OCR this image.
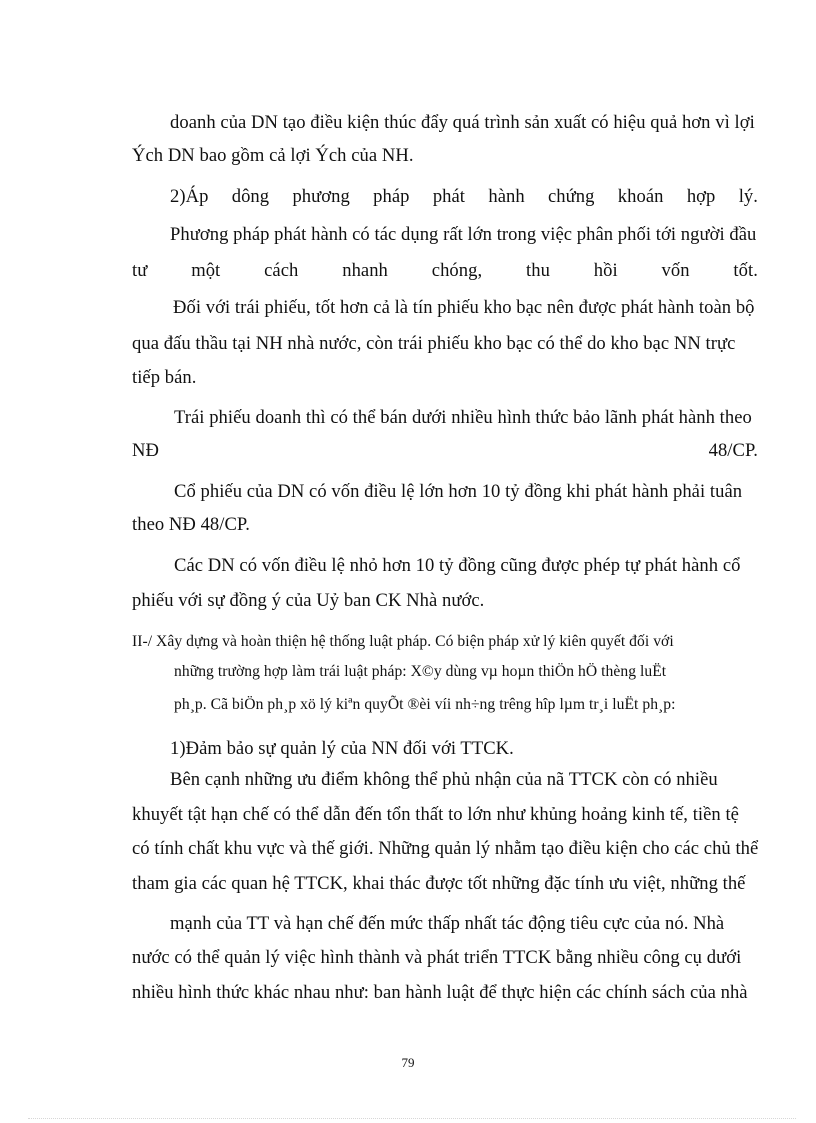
doanh của DN tạo điều kiện thúc đẩy quá trình sản xuất có hiệu quả hơn vì lợi
Ých DN bao gồm cả lợi Ých của NH.
2)Áp dông phương pháp phát hành chứng khoán hợp lý.
Phương pháp phát hành có tác dụng rất lớn trong việc phân phối tới người đầu
tư một cách nhanh chóng, thu hồi vốn tốt.
Đối với trái phiếu, tốt hơn cả là tín phiếu kho bạc nên được phát hành toàn bộ
qua đấu thầu tại NH nhà nước, còn trái phiếu kho bạc có thể do kho bạc NN trực
tiếp bán.
Trái phiếu doanh thì có thể bán dưới nhiều hình thức bảo lãnh phát hành theo
NĐ	48/CP.
Cổ phiếu của DN có vốn điều lệ lớn hơn 10 tỷ đồng khi phát hành phải tuân
theo NĐ 48/CP.
Các DN có vốn điều lệ nhỏ hơn 10 tỷ đồng cũng được phép tự phát hành cổ
phiếu với sự đồng ý của Uỷ ban CK Nhà nước.
II-/ Xây dựng và hoàn thiện hệ thống luật pháp. Có biện pháp xử lý kiên quyết đối với
những trường hợp làm trái luật pháp: X©y dùng vµ hoµn thiÖn hÖ thèng luËt
ph¸p. Cã biÖn ph¸p xö lý kiªn quyÕt ®èi víi nh÷ng trêng hîp lµm tr¸i luËt ph¸p:
1)Đảm bảo sự quản lý của NN đối với TTCK.
Bên cạnh những ưu điểm không thể phủ nhận của nã TTCK còn có nhiều
khuyết tật hạn chế có thể dẫn đến tổn thất to lớn như khủng hoảng kinh tế, tiền tệ
có tính chất khu vực và thế giới. Những quản lý nhằm tạo điều kiện cho các chủ thể
tham gia các quan hệ TTCK, khai thác được tốt những đặc tính ưu việt, những thế
mạnh của TT và hạn chế đến mức thấp nhất tác động tiêu cực của nó. Nhà
nước có thể quản lý việc hình thành và phát triển TTCK bằng nhiều công cụ dưới
nhiều hình thức khác nhau như: ban hành luật để thực hiện các chính sách của nhà
79
